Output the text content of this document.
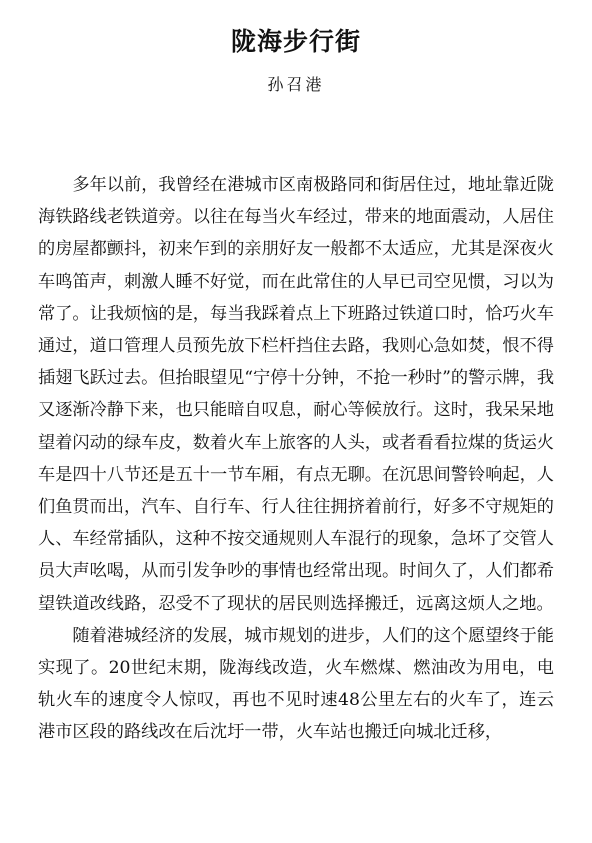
陇海步行街
孙召港

多年以前，我曾经在港城市区南极路同和街居住过，地址靠近陇海铁路线老铁道旁。以往在每当火车经过，带来的地面震动，人居住的房屋都颤抖，初来乍到的亲朋好友一般都不太适应，尤其是深夜火车鸣笛声，刺激人睡不好觉，而在此常住的人早已司空见惯，习以为常了。让我烦恼的是，每当我踩着点上下班路过铁道口时，恰巧火车通过，道口管理人员预先放下栏杆挡住去路，我则心急如焚，恨不得插翅飞跃过去。但抬眼望见“宁停十分钟，不抢一秒时”的警示牌，我又逐渐冷静下来，也只能暗自叹息，耐心等候放行。这时，我呆呆地望着闪动的绿车皮，数着火车上旅客的人头，或者看看拉煤的货运火车是四十八节还是五十一节车厢，有点无聊。在沉思间警铃响起，人们鱼贯而出，汽车、自行车、行人往往拥挤着前行，好多不守规矩的人、车经常插队，这种不按交通规则人车混行的现象，急坏了交管人员大声吆喝，从而引发争吵的事情也经常出现。时间久了，人们都希望铁道改线路，忍受不了现状的居民则选择搬迁，远离这烦人之地。

随着港城经济的发展，城市规划的进步，人们的这个愿望终于能实现了。20世纪末期，陇海线改造，火车燃煤、燃油改为用电，电轨火车的速度令人惊叹，再也不见时速48公里左右的火车了，连云港市区段的路线改在后沈圩一带，火车站也搬迁向城北迁移，
